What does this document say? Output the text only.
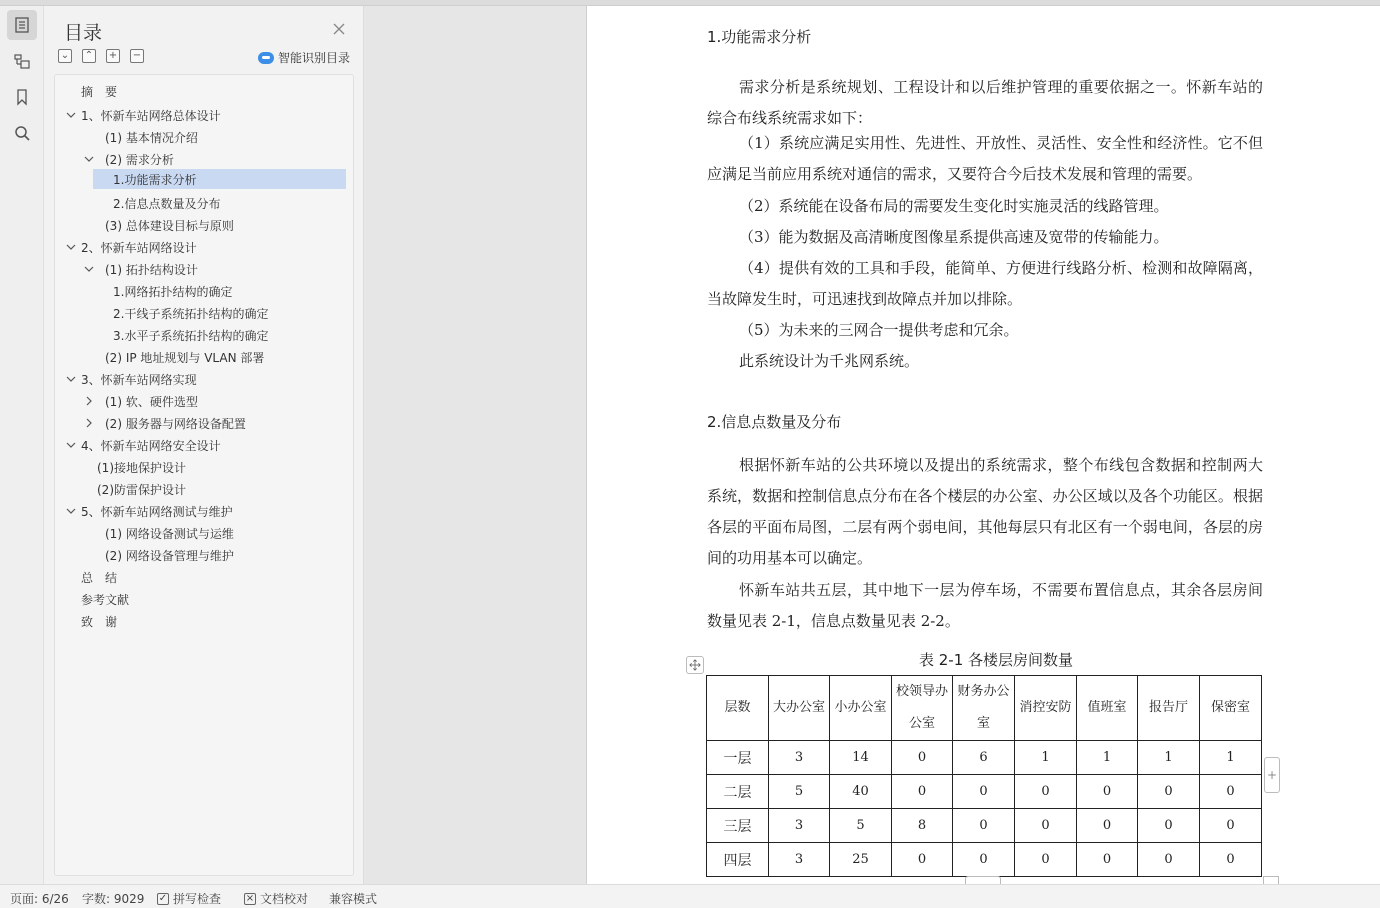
目录
⌄ ⌃ + −	智能识别目录
摘　要
1、怀新车站网络总体设计
(1) 基本情况介绍
(2) 需求分析
1.功能需求分析
2.信息点数量及分布
(3) 总体建设目标与原则
2、怀新车站网络设计
(1) 拓扑结构设计
1.网络拓扑结构的确定
2.干线子系统拓扑结构的确定
3.水平子系统拓扑结构的确定
(2) IP 地址规划与 VLAN 部署
3、怀新车站网络实现
(1) 软、硬件选型
(2) 服务器与网络设备配置
4、怀新车站网络安全设计
(1)接地保护设计
(2)防雷保护设计
5、怀新车站网络测试与维护
(1) 网络设备测试与运维
(2) 网络设备管理与维护
总　结
参考文献
致　谢
1.功能需求分析
需求分析是系统规划、工程设计和以后维护管理的重要依据之一。怀新车站的综合布线系统需求如下：
（1）系统应满足实用性、先进性、开放性、灵活性、安全性和经济性。它不但应满足当前应用系统对通信的需求，又要符合今后技术发展和管理的需要。
（2）系统能在设备布局的需要发生变化时实施灵活的线路管理。
（3）能为数据及高清晰度图像星系提供高速及宽带的传输能力。
（4）提供有效的工具和手段，能简单、方便进行线路分析、检测和故障隔离，当故障发生时，可迅速找到故障点并加以排除。
（5）为未来的三网合一提供考虑和冗余。
此系统设计为千兆网系统。
2.信息点数量及分布
根据怀新车站的公共环境以及提出的系统需求，整个布线包含数据和控制两大系统，数据和控制信息点分布在各个楼层的办公室、办公区域以及各个功能区。根据各层的平面布局图，二层有两个弱电间，其他每层只有北区有一个弱电间，各层的房间的功用基本可以确定。
怀新车站共五层，其中地下一层为停车场，不需要布置信息点，其余各层房间数量见表 2-1，信息点数量见表 2-2。
表 2-1 各楼层房间数量
层数	大办公室	小办公室	校领导办公室	财务办公室	消控安防	值班室	报告厅	保密室
一层	3	14	0	6	1	1	1	1
二层	5	40	0	0	0	0	0	0
三层	3	5	8	0	0	0	0	0
四层	3	25	0	0	0	0	0	0
+
页面: 6/26 字数: 9029 ✓ 拼写检查 × 文档校对 兼容模式
